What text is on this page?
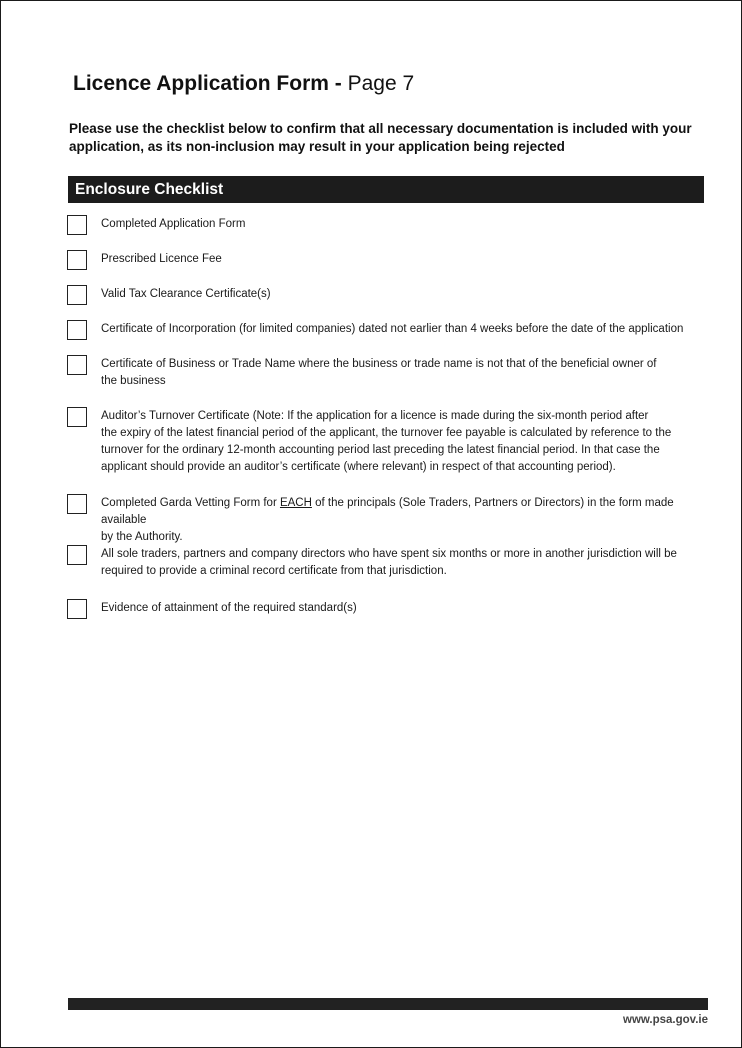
Licence Application Form - Page 7
Please use the checklist below to confirm that all necessary documentation is included with your application, as its non-inclusion may result in your application being rejected
Enclosure Checklist
Completed Application Form
Prescribed Licence Fee
Valid Tax Clearance Certificate(s)
Certificate of Incorporation (for limited companies) dated not earlier than 4 weeks before the date of the application
Certificate of Business or Trade Name where the business or trade name is not that of the beneficial owner of
the business
Auditor’s Turnover Certificate (Note: If the application for a licence is made during the six-month period after
the expiry of the latest financial period of the applicant, the turnover fee payable is calculated by reference to the
turnover for the ordinary 12-month accounting period last preceding the latest financial period. In that case the
applicant should provide an auditor’s certificate (where relevant) in respect of that accounting period).
Completed Garda Vetting Form for EACH of the principals (Sole Traders, Partners or Directors) in the form made available
by the Authority.
All sole traders, partners and company directors who have spent six months or more in another jurisdiction will be
required to provide a criminal record certificate from that jurisdiction.
Evidence of attainment of the required standard(s)
www.psa.gov.ie
